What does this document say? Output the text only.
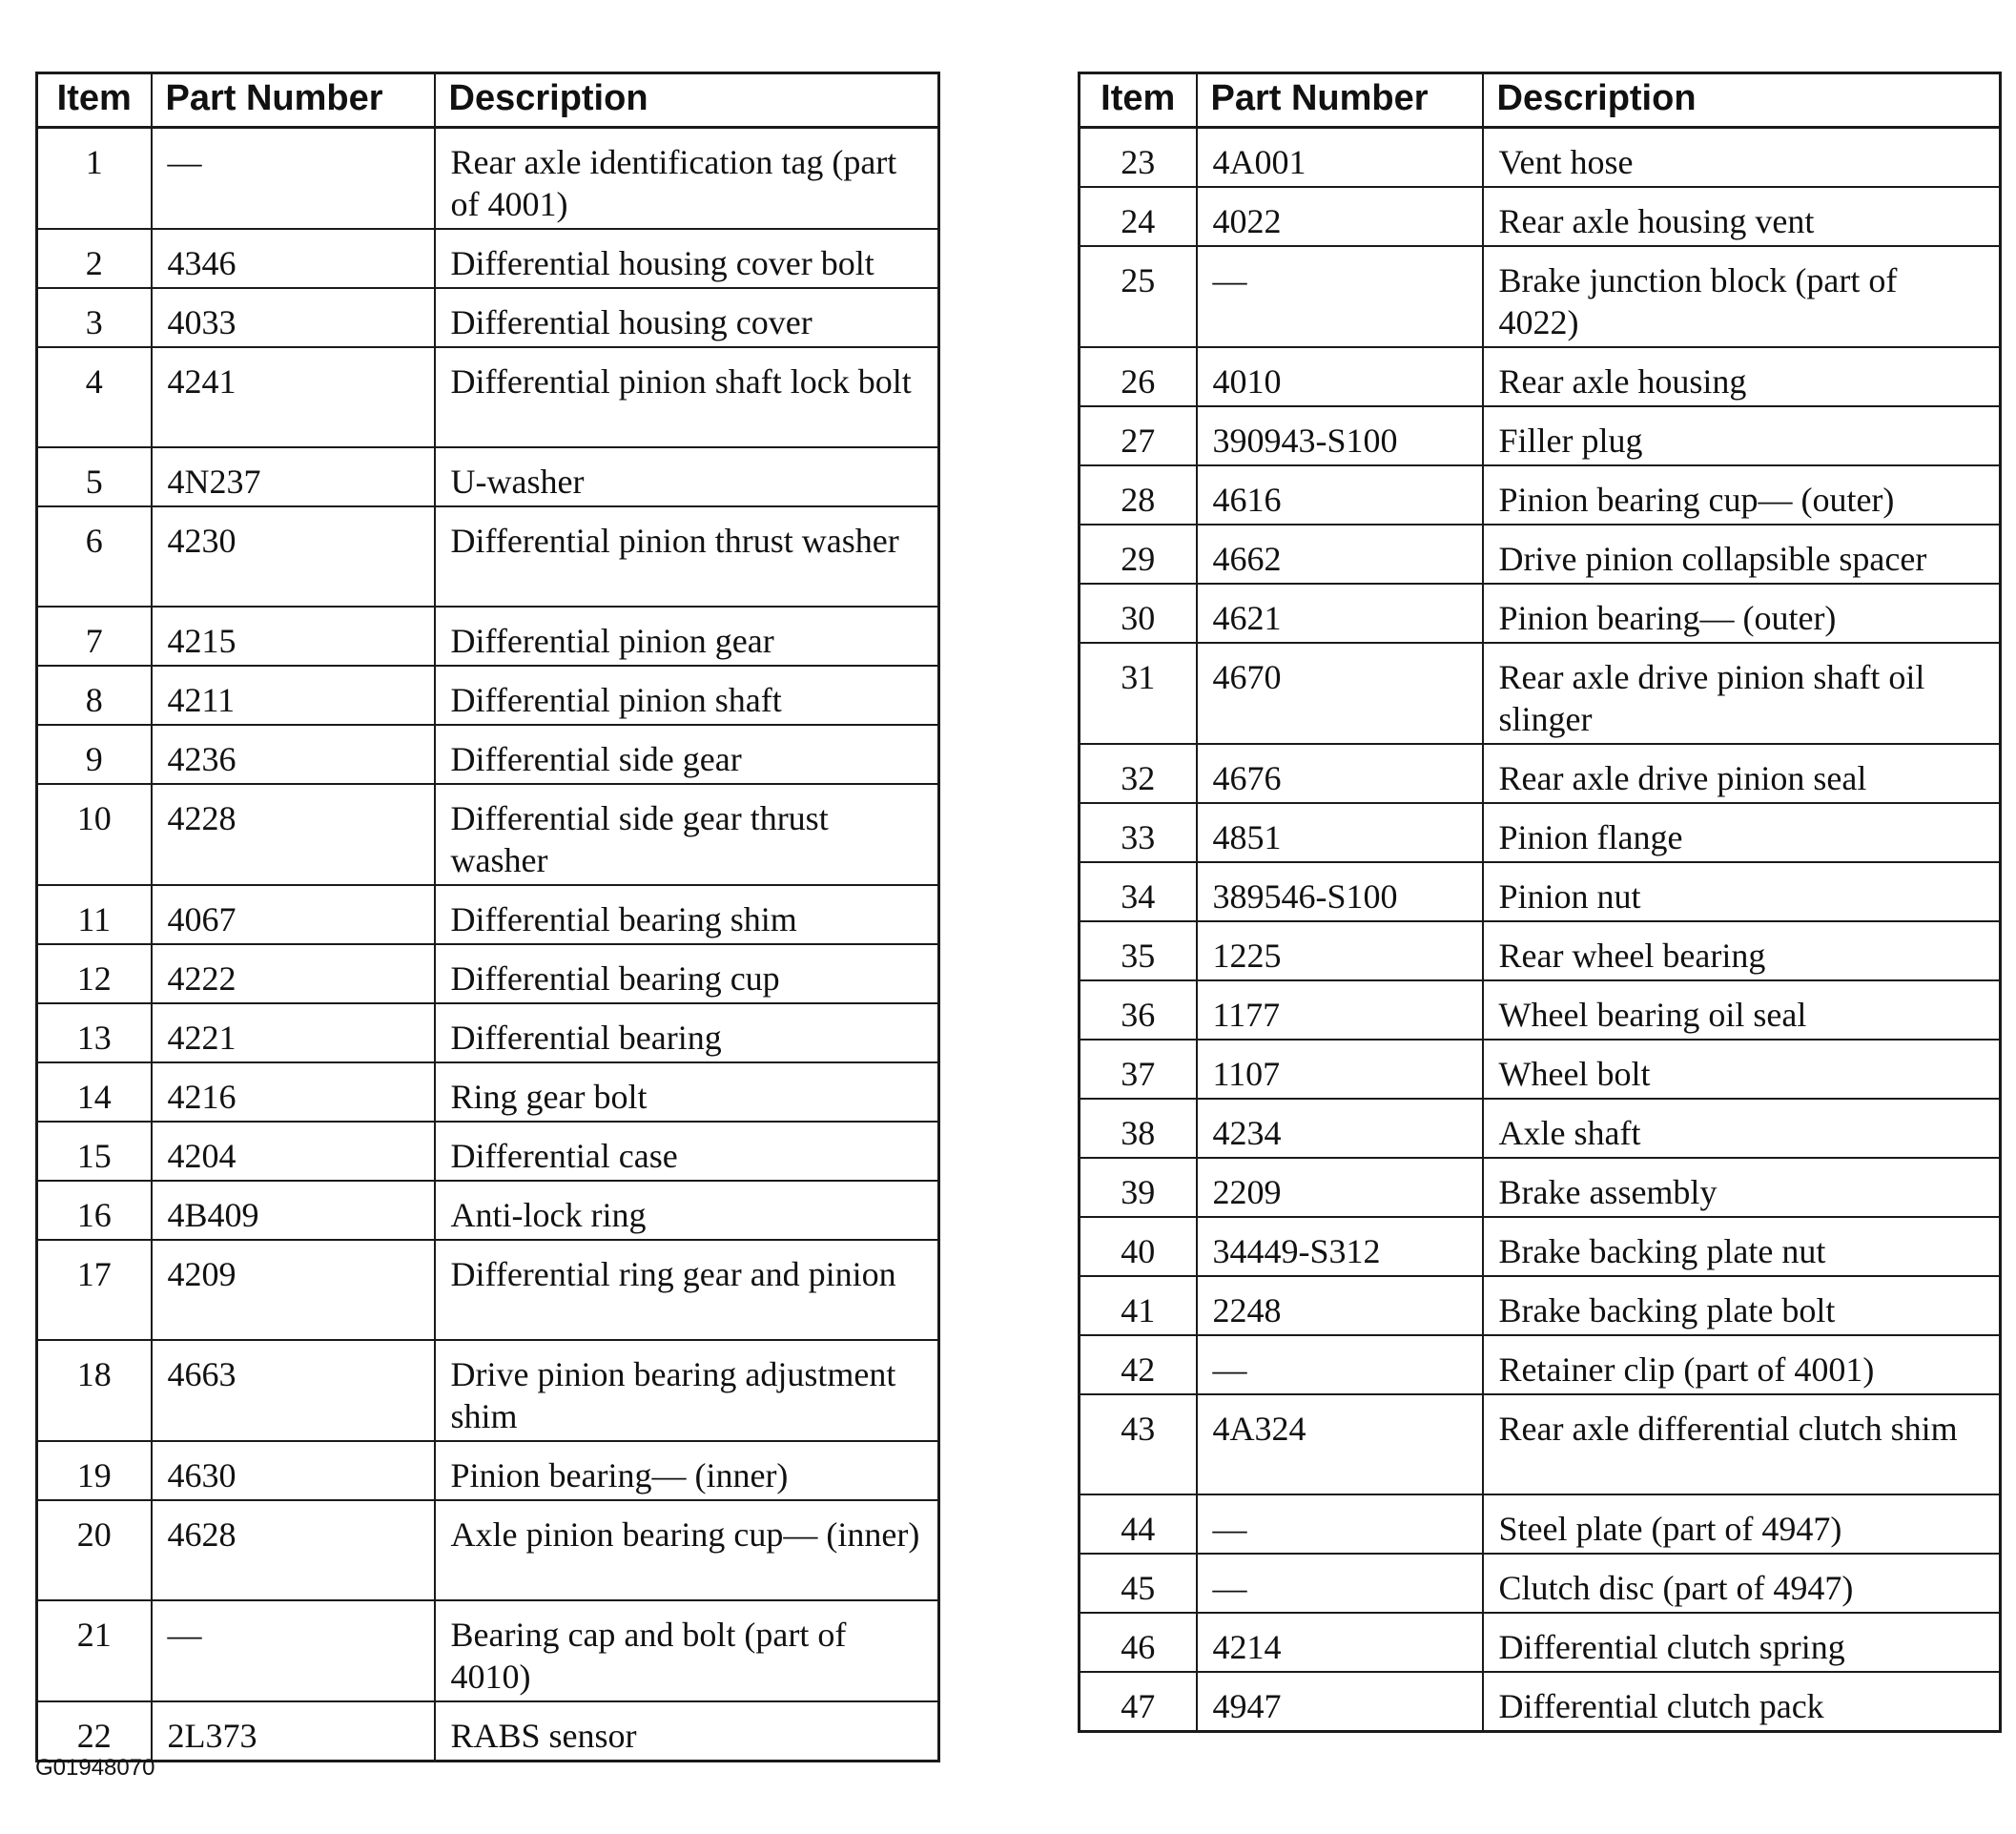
Item	Part Number	Description
1	—	Rear axle identification tag (part of 4001)
2	4346	Differential housing cover bolt
3	4033	Differential housing cover
4	4241	Differential pinion shaft lock bolt
5	4N237	U-washer
6	4230	Differential pinion thrust washer
7	4215	Differential pinion gear
8	4211	Differential pinion shaft
9	4236	Differential side gear
10	4228	Differential side gear thrust washer
11	4067	Differential bearing shim
12	4222	Differential bearing cup
13	4221	Differential bearing
14	4216	Ring gear bolt
15	4204	Differential case
16	4B409	Anti-lock ring
17	4209	Differential ring gear and pinion
18	4663	Drive pinion bearing adjustment shim
19	4630	Pinion bearing— (inner)
20	4628	Axle pinion bearing cup— (inner)
21	—	Bearing cap and bolt (part of 4010)
22	2L373	RABS sensor
Item	Part Number	Description
23	4A001	Vent hose
24	4022	Rear axle housing vent
25	—	Brake junction block (part of 4022)
26	4010	Rear axle housing
27	390943-S100	Filler plug
28	4616	Pinion bearing cup— (outer)
29	4662	Drive pinion collapsible spacer
30	4621	Pinion bearing— (outer)
31	4670	Rear axle drive pinion shaft oil slinger
32	4676	Rear axle drive pinion seal
33	4851	Pinion flange
34	389546-S100	Pinion nut
35	1225	Rear wheel bearing
36	1177	Wheel bearing oil seal
37	1107	Wheel bolt
38	4234	Axle shaft
39	2209	Brake assembly
40	34449-S312	Brake backing plate nut
41	2248	Brake backing plate bolt
42	—	Retainer clip (part of 4001)
43	4A324	Rear axle differential clutch shim
44	—	Steel plate (part of 4947)
45	—	Clutch disc (part of 4947)
46	4214	Differential clutch spring
47	4947	Differential clutch pack
G01948070
